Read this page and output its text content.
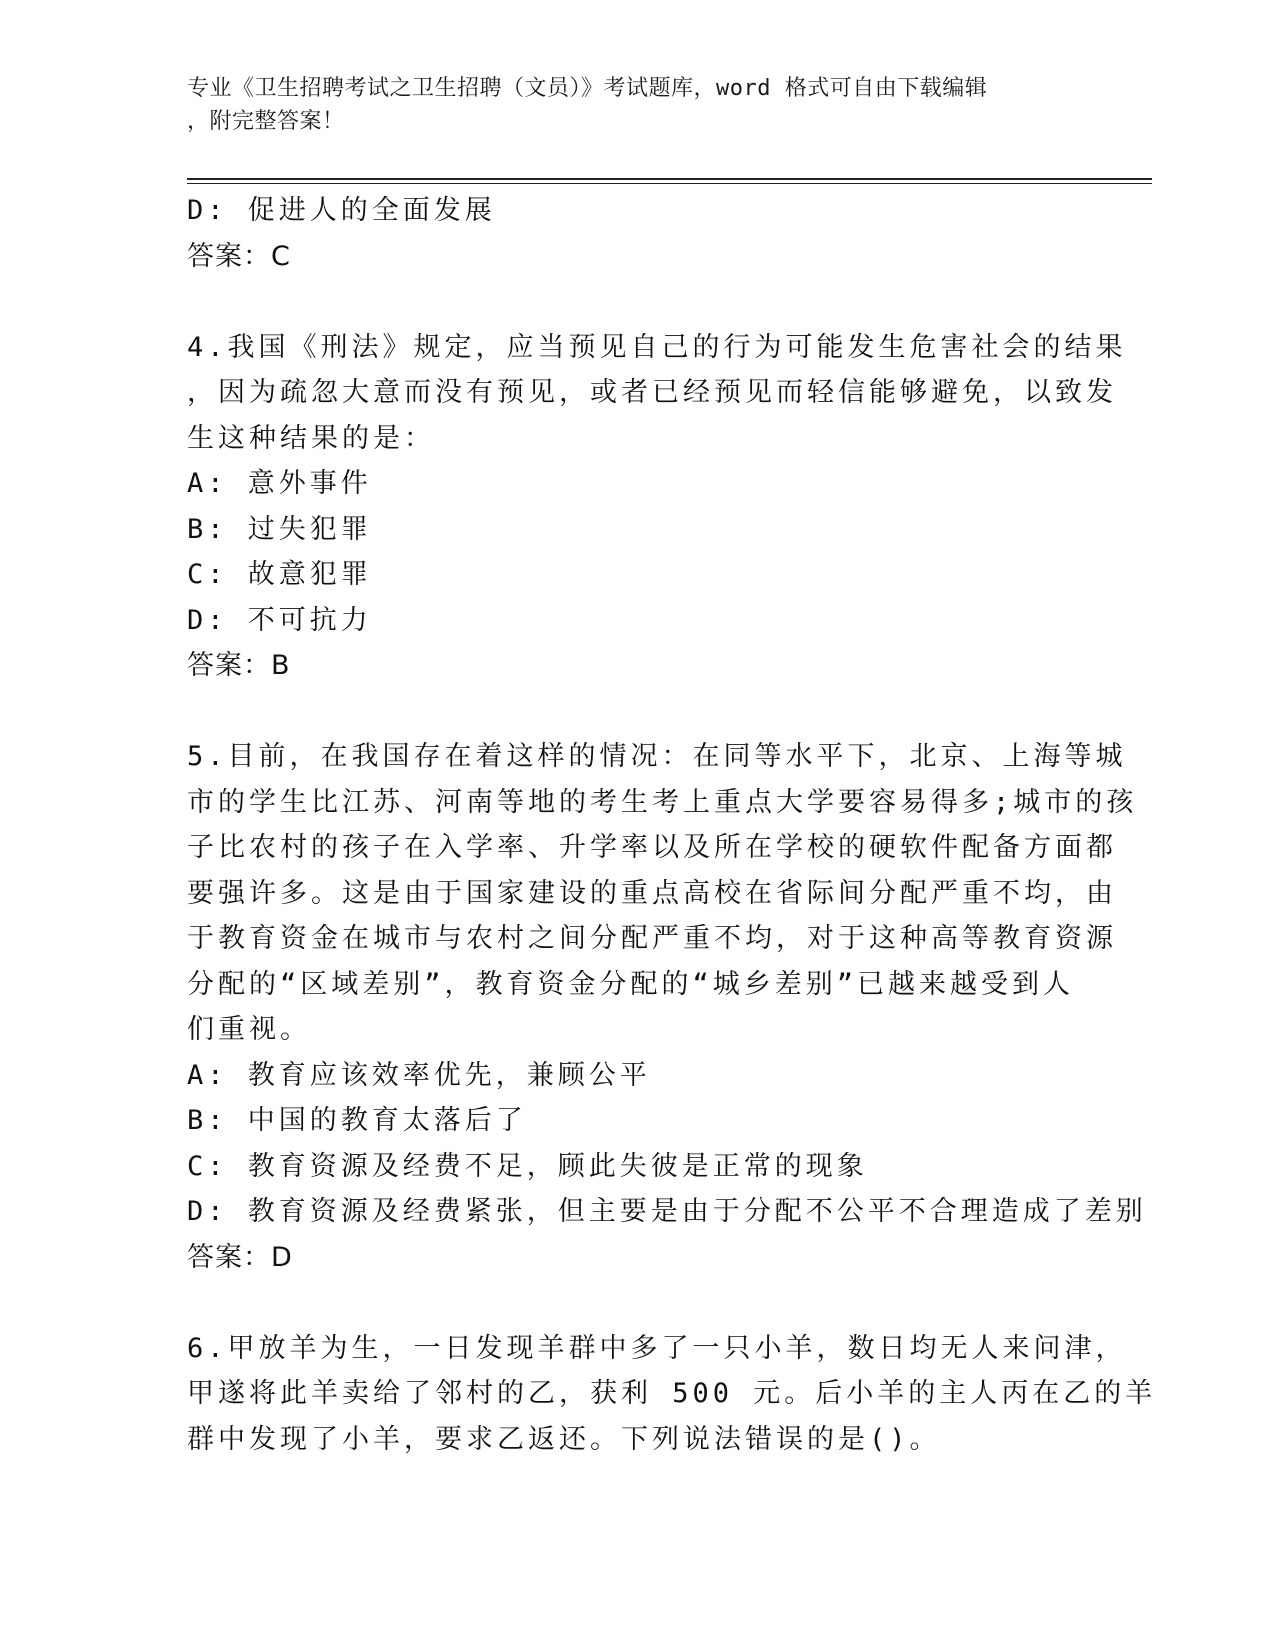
专业《卫生招聘考试之卫生招聘（文员）》考试题库，word 格式可自由下载编辑
，附完整答案！
D: 促进人的全面发展
答案：C
4.我国《刑法》规定，应当预见自己的行为可能发生危害社会的结果
，因为疏忽大意而没有预见，或者已经预见而轻信能够避免，以致发
生这种结果的是：
A: 意外事件
B: 过失犯罪
C: 故意犯罪
D: 不可抗力
答案：B
5.目前，在我国存在着这样的情况：在同等水平下，北京、上海等城
市的学生比江苏、河南等地的考生考上重点大学要容易得多;城市的孩
子比农村的孩子在入学率、升学率以及所在学校的硬软件配备方面都
要强许多。这是由于国家建设的重点高校在省际间分配严重不均，由
于教育资金在城市与农村之间分配严重不均，对于这种高等教育资源
分配的“区域差别”，教育资金分配的“城乡差别”已越来越受到人
们重视。
A: 教育应该效率优先，兼顾公平
B: 中国的教育太落后了
C: 教育资源及经费不足，顾此失彼是正常的现象
D: 教育资源及经费紧张，但主要是由于分配不公平不合理造成了差别
答案：D
6.甲放羊为生，一日发现羊群中多了一只小羊，数日均无人来问津，
甲遂将此羊卖给了邻村的乙，获利 500 元。后小羊的主人丙在乙的羊
群中发现了小羊，要求乙返还。下列说法错误的是()。
